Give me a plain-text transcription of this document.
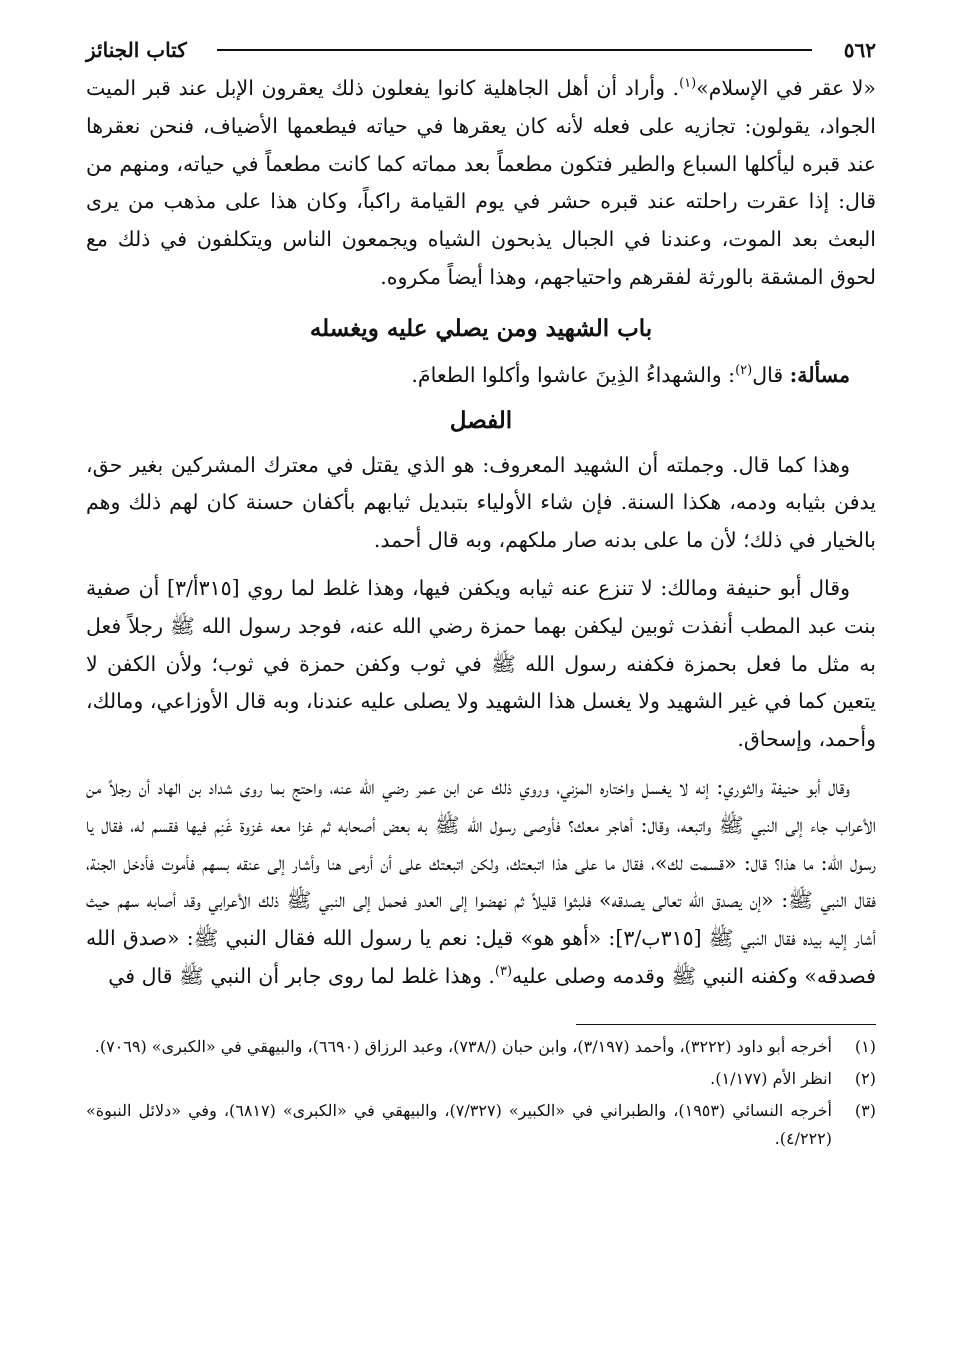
٥٦٢
كتاب الجنائز

«لا عقر في الإسلام»$^{(١)}$. وأراد أن أهل الجاهلية كانوا يفعلون ذلك يعقرون الإبل عند قبر الميت الجواد، يقولون: تجازيه على فعله لأنه كان يعقرها في حياته فيطعمها الأضياف، فنحن نعقرها عند قبره ليأكلها السباع والطير فتكون مطعماً بعد مماته كما كانت مطعماً في حياته، ومنهم من قال: إذا عقرت راحلته عند قبره حشر في يوم القيامة راكباً، وكان هذا على مذهب من يرى البعث بعد الموت، وعندنا في الجبال يذبحون الشياه ويجمعون الناس ويتكلفون في ذلك مع لحوق المشقة بالورثة لفقرهم واحتياجهم، وهذا أيضاً مكروه.

باب الشهيد ومن يصلي عليه ويغسله

مسألة: قال$^{(٢)}$: والشهداءُ الذِينَ عاشوا وأكلوا الطعامَ.

الفصل

وهذا كما قال. وجملته أن الشهيد المعروف: هو الذي يقتل في معترك المشركين بغير حق، يدفن بثيابه ودمه، هكذا السنة. فإن شاء الأولياء بتبديل ثيابهم بأكفان حسنة كان لهم ذلك وهم بالخيار في ذلك؛ لأن ما على بدنه صار ملكهم، وبه قال أحمد.

وقال أبو حنيفة ومالك: لا تنزع عنه ثيابه ويكفن فيها، وهذا غلط لما روي [٣١٥أ/٣] أن صفية بنت عبد المطب أنفذت ثوبين ليكفن بهما حمزة رضي الله عنه، فوجد رسول الله ﷺ رجلاً فعل به مثل ما فعل بحمزة فكفنه رسول الله ﷺ في ثوب وكفن حمزة في ثوب؛ ولأن الكفن لا يتعين كما في غير الشهيد ولا يغسل هذا الشهيد ولا يصلى عليه عندنا، وبه قال الأوزاعي، ومالك، وأحمد، وإسحاق.

وقال أبو حنيفة والثوري: إنه لا يغسل واختاره المزني، وروي ذلك عن ابن عمر رضي الله عنه، واحتج بما روى شداد بن الهاد أن رجلاً من الأعراب جاء إلى النبي ﷺ واتبعه، وقال: أهاجر معك؟ فأوصى رسول الله ﷺ به بعض أصحابه ثم غزا معه غزوة غَنِم فيها فقسم له، فقال يا رسول الله: ما هذا؟ قال: «قسمت لك»، فقال ما على هذا اتبعتك، ولكن اتبعتك على أن أرمى هنا وأشار إلى عنقه بسهم فأموت فأدخل الجنة، فقال النبي ﷺ: «إن يصدق الله تعالى يصدقه» فلبثوا قليلاً ثم نهضوا إلى العدو فحمل إلى النبي ﷺ ذلك الأعرابي وقد أصابه سهم حيث أشار إليه بيده فقال النبي ﷺ [٣١٥ب/٣]: «أهو هو» قيل: نعم يا رسول الله فقال النبي ﷺ: «صدق الله فصدقه» وكفنه النبي ﷺ وقدمه وصلى عليه$^{(٣)}$. وهذا غلط لما روى جابر أن النبي ﷺ قال في

(١)
أخرجه أبو داود (٣٢٢٢)، وأحمد (٣/١٩٧)، وابن حبان (/٧٣٨)، وعبد الرزاق (٦٦٩٠)، والبيهقي في «الكبرى» (٧٠٦٩).
(٢)
انظر الأم (١/١٧٧).
(٣)
أخرجه النسائي (١٩٥٣)، والطبراني في «الكبير» (٧/٣٢٧)، والبيهقي في «الكبرى» (٦٨١٧)، وفي «دلائل النبوة» (٤/٢٢٢).
